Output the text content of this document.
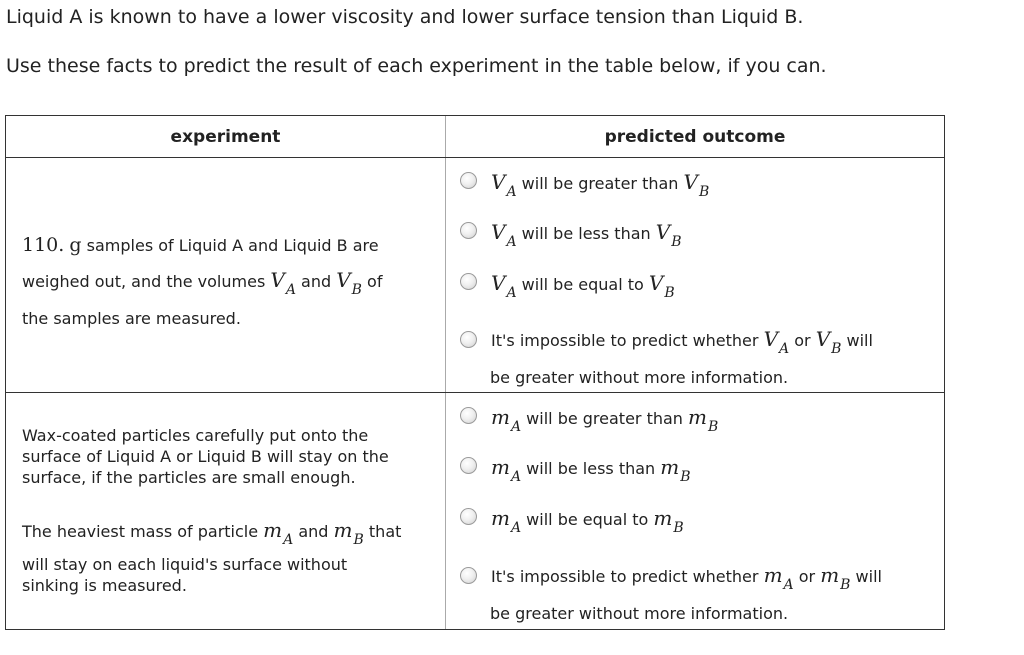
Liquid A is known to have a lower viscosity and lower surface tension than Liquid B.

Use these facts to predict the result of each experiment in the table below, if you can.

experiment	predicted outcome

110. g samples of Liquid A and Liquid B are

weighed out, and the volumes VA and VB of

the samples are measured.

VA will be greater than VB
VA will be less than VB
VA will be equal to VB
It's impossible to predict whether VA or VB will
be greater without more information.

Wax-coated particles carefully put onto the

surface of Liquid A or Liquid B will stay on the

surface, if the particles are small enough.

The heaviest mass of particle mA and mB that

will stay on each liquid's surface without

sinking is measured.

mA will be greater than mB
mA will be less than mB
mA will be equal to mB
It's impossible to predict whether mA or mB will
be greater without more information.
